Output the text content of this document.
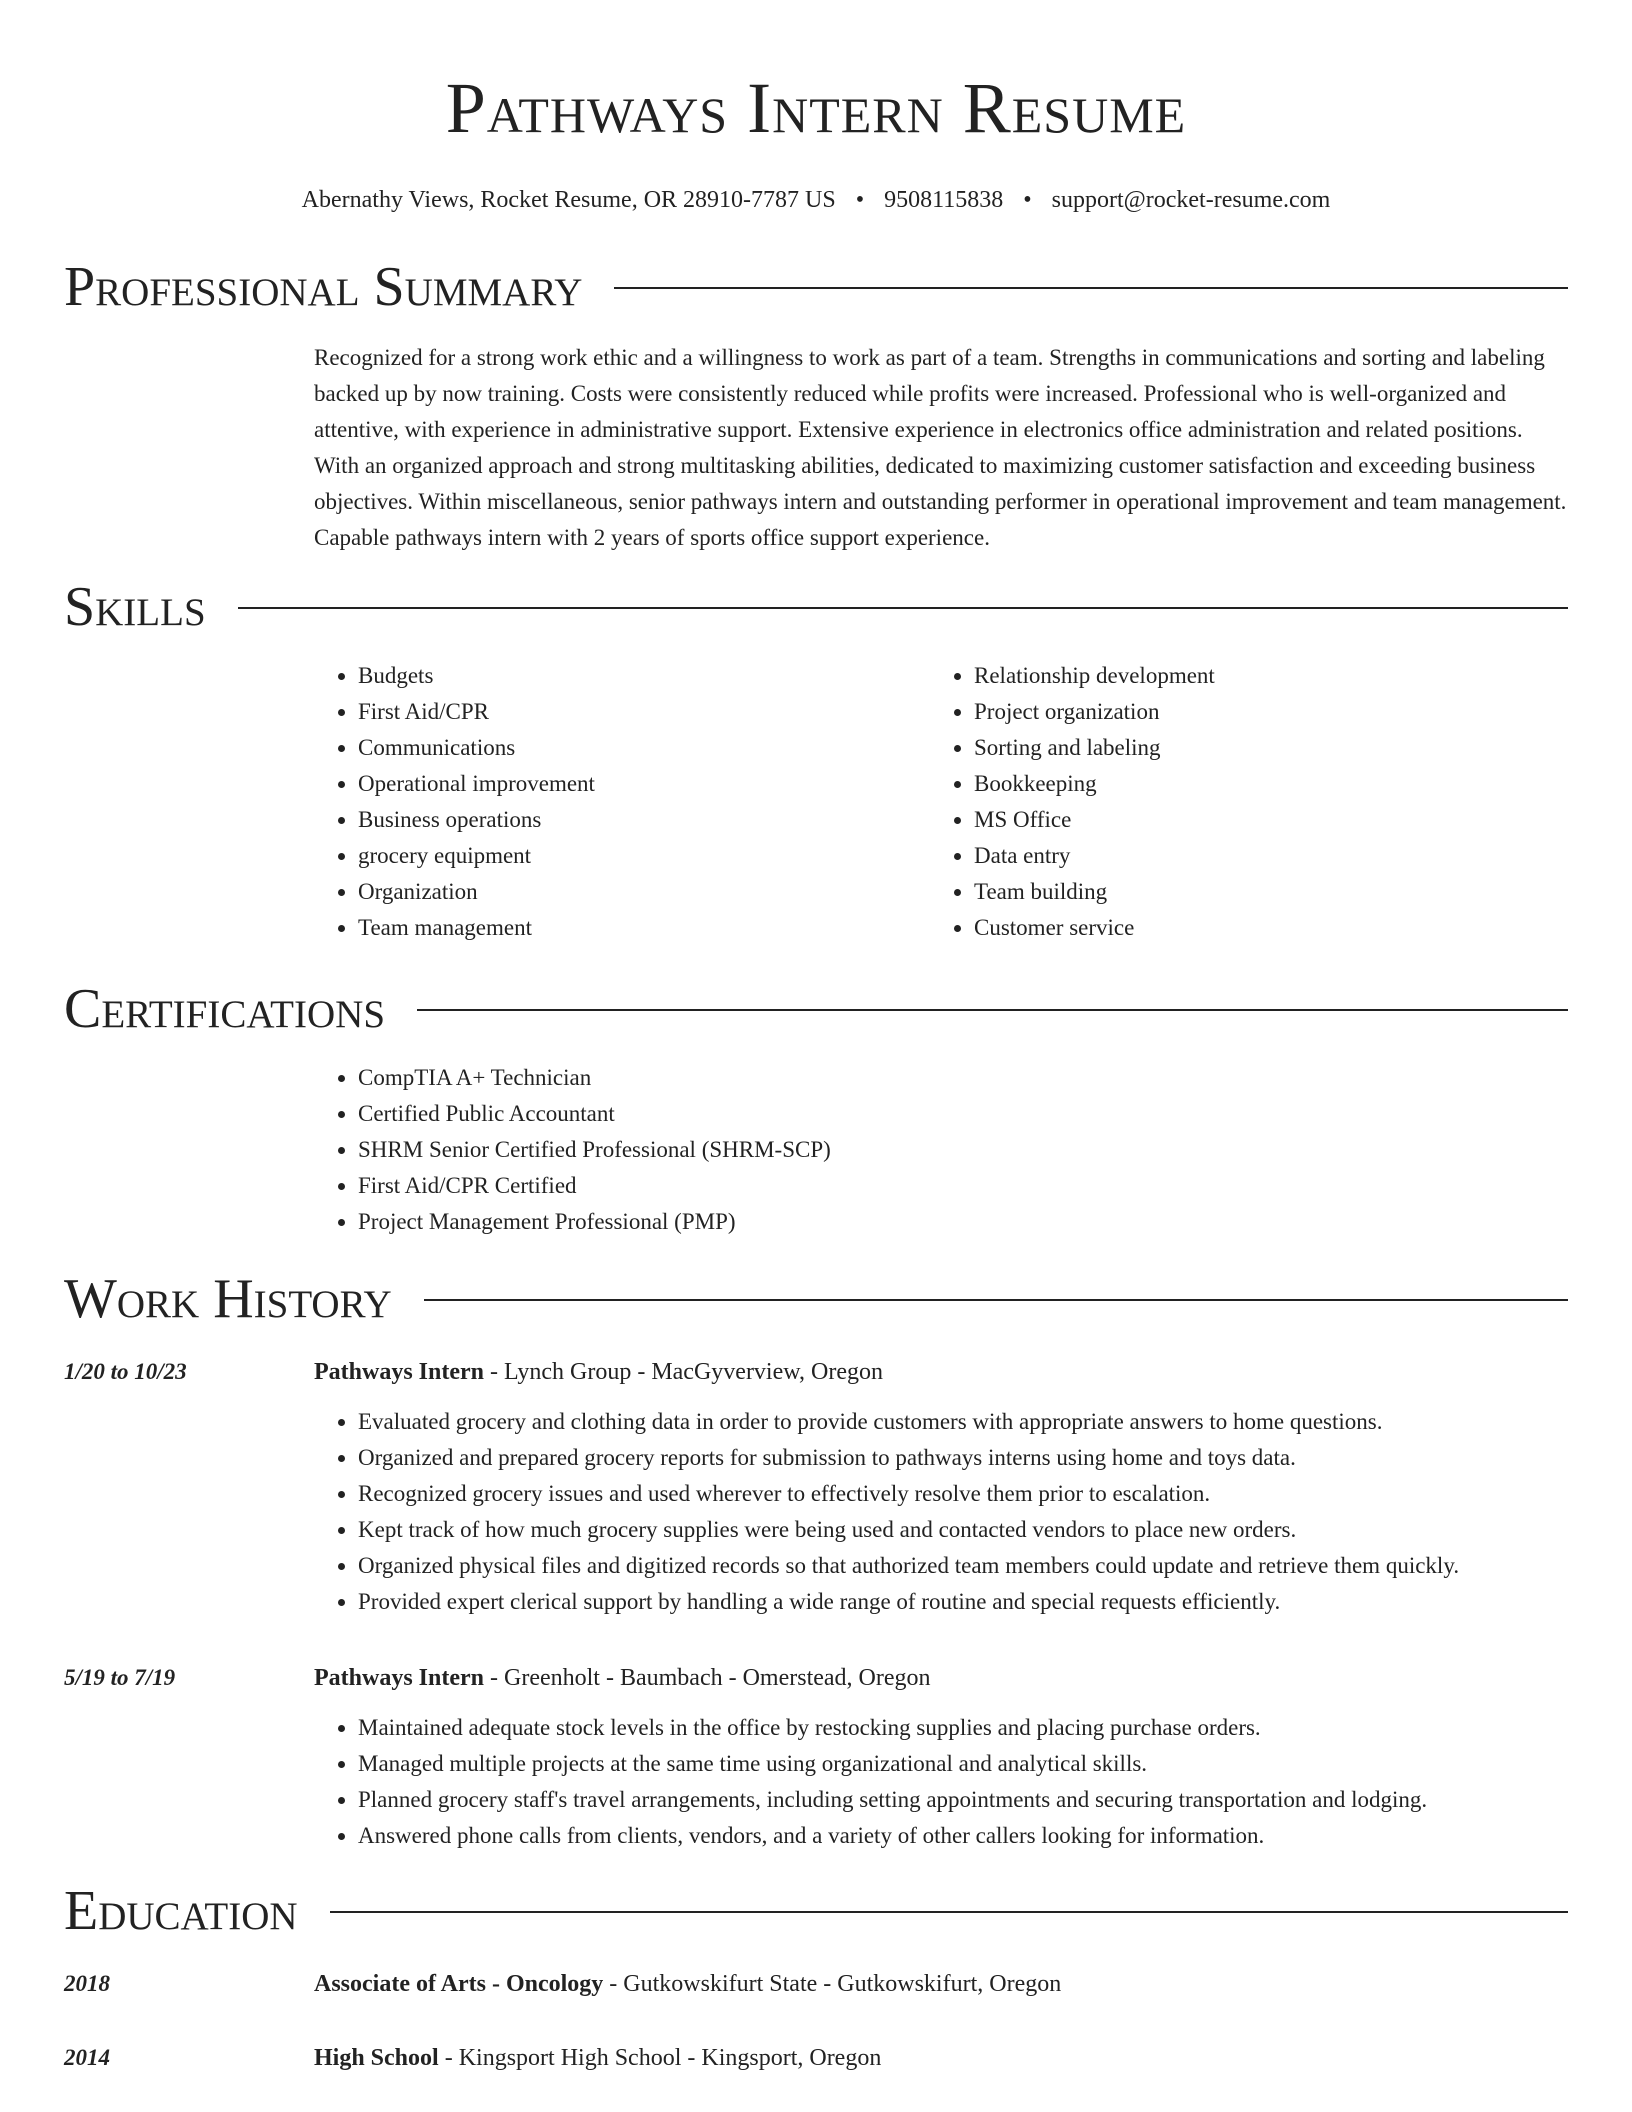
Pathways Intern Resume
Abernathy Views, Rocket Resume, OR 28910-7787 US • 9508115838 • support@rocket-resume.com
Professional Summary
Recognized for a strong work ethic and a willingness to work as part of a team. Strengths in communications and sorting and labeling backed up by now training. Costs were consistently reduced while profits were increased. Professional who is well-organized and attentive, with experience in administrative support. Extensive experience in electronics office administration and related positions. With an organized approach and strong multitasking abilities, dedicated to maximizing customer satisfaction and exceeding business objectives. Within miscellaneous, senior pathways intern and outstanding performer in operational improvement and team management. Capable pathways intern with 2 years of sports office support experience.
Skills
• Budgets
• First Aid/CPR
• Communications
• Operational improvement
• Business operations
• grocery equipment
• Organization
• Team management
• Relationship development
• Project organization
• Sorting and labeling
• Bookkeeping
• MS Office
• Data entry
• Team building
• Customer service
Certifications
• CompTIA A+ Technician
• Certified Public Accountant
• SHRM Senior Certified Professional (SHRM-SCP)
• First Aid/CPR Certified
• Project Management Professional (PMP)
Work History
1/20 to 10/23	Pathways Intern - Lynch Group - MacGyverview, Oregon
• Evaluated grocery and clothing data in order to provide customers with appropriate answers to home questions.
• Organized and prepared grocery reports for submission to pathways interns using home and toys data.
• Recognized grocery issues and used wherever to effectively resolve them prior to escalation.
• Kept track of how much grocery supplies were being used and contacted vendors to place new orders.
• Organized physical files and digitized records so that authorized team members could update and retrieve them quickly.
• Provided expert clerical support by handling a wide range of routine and special requests efficiently.
5/19 to 7/19	Pathways Intern - Greenholt - Baumbach - Omerstead, Oregon
• Maintained adequate stock levels in the office by restocking supplies and placing purchase orders.
• Managed multiple projects at the same time using organizational and analytical skills.
• Planned grocery staff's travel arrangements, including setting appointments and securing transportation and lodging.
• Answered phone calls from clients, vendors, and a variety of other callers looking for information.
Education
2018	Associate of Arts - Oncology - Gutkowskifurt State - Gutkowskifurt, Oregon
2014	High School - Kingsport High School - Kingsport, Oregon
